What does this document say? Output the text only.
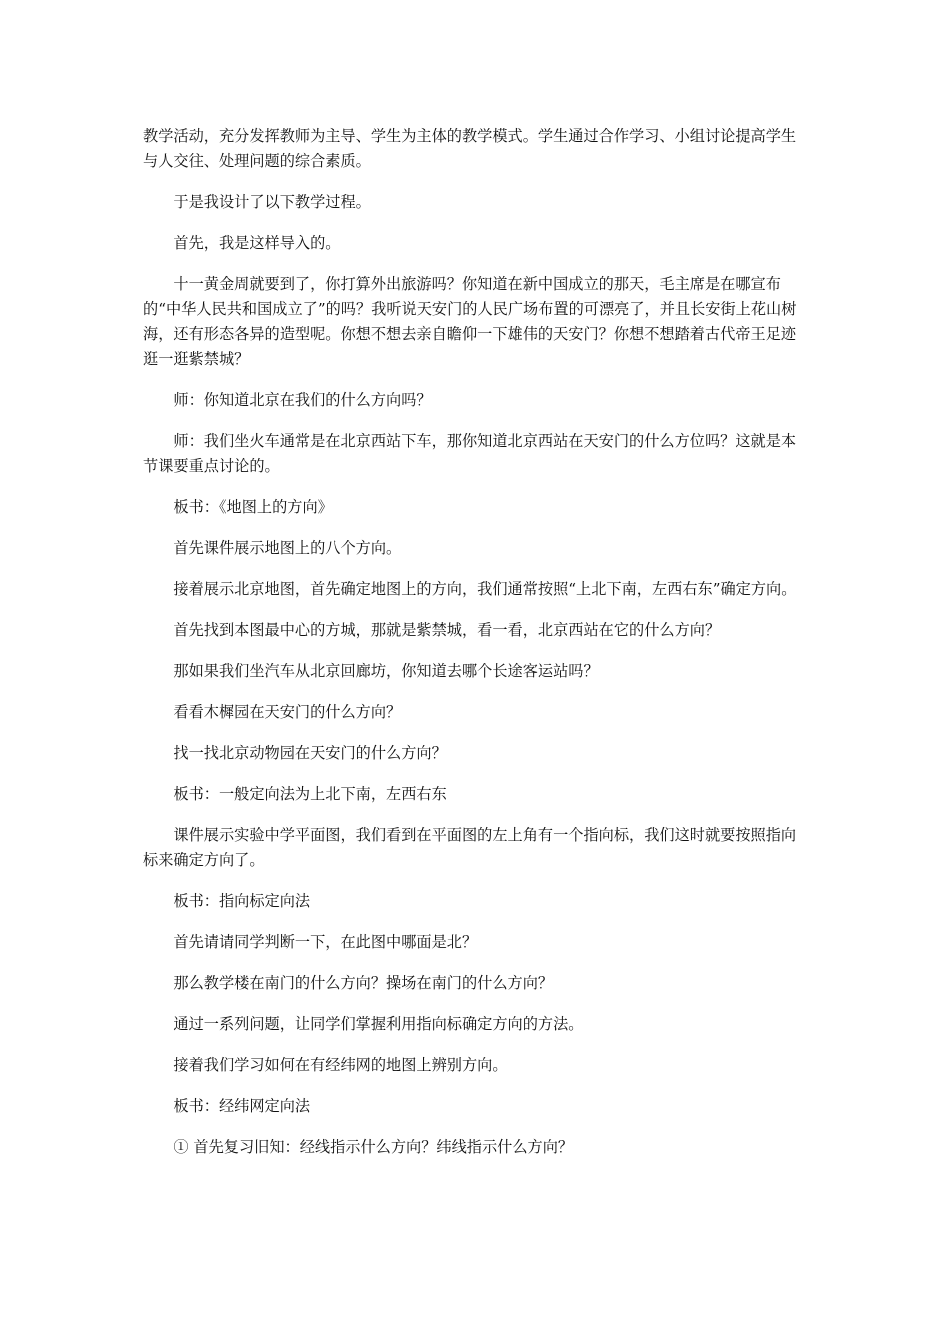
教学活动，充分发挥教师为主导、学生为主体的教学模式。学生通过合作学习、小组讨论提高学生与人交往、处理问题的综合素质。

于是我设计了以下教学过程。

首先，我是这样导入的。

十一黄金周就要到了，你打算外出旅游吗？你知道在新中国成立的那天，毛主席是在哪宣布的“中华人民共和国成立了”的吗？我听说天安门的人民广场布置的可漂亮了，并且长安街上花山树海，还有形态各异的造型呢。你想不想去亲自瞻仰一下雄伟的天安门？你想不想踏着古代帝王足迹逛一逛紫禁城？

师：你知道北京在我们的什么方向吗？

师：我们坐火车通常是在北京西站下车，那你知道北京西站在天安门的什么方位吗？这就是本节课要重点讨论的。

板书：《地图上的方向》

首先课件展示地图上的八个方向。

接着展示北京地图，首先确定地图上的方向，我们通常按照“上北下南，左西右东”确定方向。

首先找到本图最中心的方城，那就是紫禁城，看一看，北京西站在它的什么方向？

那如果我们坐汽车从北京回廊坊，你知道去哪个长途客运站吗？

看看木樨园在天安门的什么方向？

找一找北京动物园在天安门的什么方向？

板书：一般定向法为上北下南，左西右东

课件展示实验中学平面图，我们看到在平面图的左上角有一个指向标，我们这时就要按照指向标来确定方向了。

板书：指向标定向法

首先请请同学判断一下，在此图中哪面是北？

那么教学楼在南门的什么方向？操场在南门的什么方向？

通过一系列问题，让同学们掌握利用指向标确定方向的方法。

接着我们学习如何在有经纬网的地图上辨别方向。

板书：经纬网定向法

① 首先复习旧知：经线指示什么方向？纬线指示什么方向？
